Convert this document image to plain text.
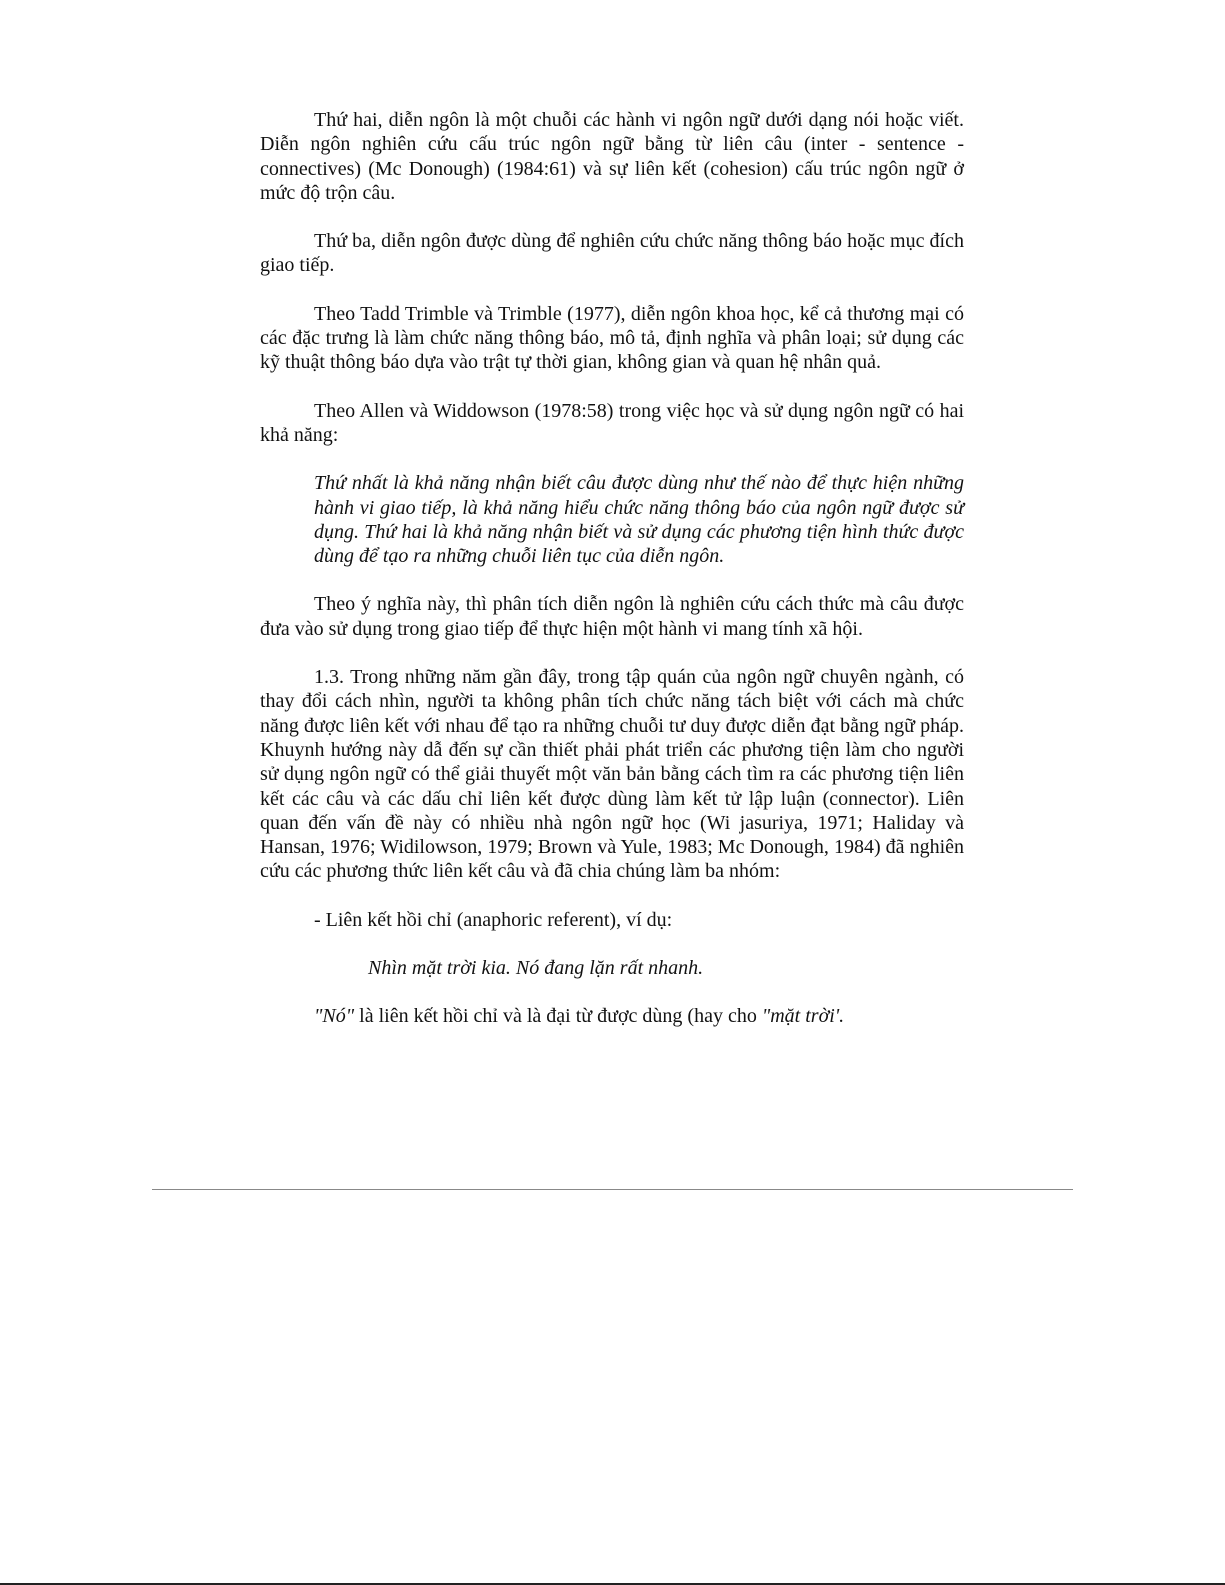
Thứ hai, diễn ngôn là một chuỗi các hành vi ngôn ngữ dưới dạng nói hoặc viết. Diễn ngôn nghiên cứu cấu trúc ngôn ngữ bằng từ liên câu (inter - sentence - connectives) (Mc Donough) (1984:61) và sự liên kết (cohesion) cấu trúc ngôn ngữ ở mức độ trộn câu.

Thứ ba, diễn ngôn được dùng để nghiên cứu chức năng thông báo hoặc mục đích giao tiếp.

Theo Tadd Trimble và Trimble (1977), diễn ngôn khoa học, kể cả thương mại có các đặc trưng là làm chức năng thông báo, mô tả, định nghĩa và phân loại; sử dụng các kỹ thuật thông báo dựa vào trật tự thời gian, không gian và quan hệ nhân quả.

Theo Allen và Widdowson (1978:58) trong việc học và sử dụng ngôn ngữ có hai khả năng:

Thứ nhất là khả năng nhận biết câu được dùng như thế nào để thực hiện những hành vi giao tiếp, là khả năng hiểu chức năng thông báo của ngôn ngữ được sử dụng. Thứ hai là khả năng nhận biết và sử dụng các phương tiện hình thức được dùng để tạo ra những chuỗi liên tục của diễn ngôn.

Theo ý nghĩa này, thì phân tích diễn ngôn là nghiên cứu cách thức mà câu được đưa vào sử dụng trong giao tiếp để thực hiện một hành vi mang tính xã hội.

1.3. Trong những năm gần đây, trong tập quán của ngôn ngữ chuyên ngành, có thay đổi cách nhìn, người ta không phân tích chức năng tách biệt với cách mà chức năng được liên kết với nhau để tạo ra những chuỗi tư duy được diễn đạt bằng ngữ pháp. Khuynh hướng này dẫ đến sự cần thiết phải phát triển các phương tiện làm cho người sử dụng ngôn ngữ có thể giải thuyết một văn bản bằng cách tìm ra các phương tiện liên kết các câu và các dấu chỉ liên kết được dùng làm kết tử lập luận (connector). Liên quan đến vấn đề này có nhiều nhà ngôn ngữ học (Wi jasuriya, 1971; Haliday và Hansan, 1976; Widilowson, 1979; Brown và Yule, 1983; Mc Donough, 1984) đã nghiên cứu các phương thức liên kết câu và đã chia chúng làm ba nhóm:

- Liên kết hồi chỉ (anaphoric referent), ví dụ:

Nhìn mặt trời kia. Nó đang lặn rất nhanh.

"Nó" là liên kết hồi chỉ và là đại từ được dùng (hay cho "mặt trời'.
